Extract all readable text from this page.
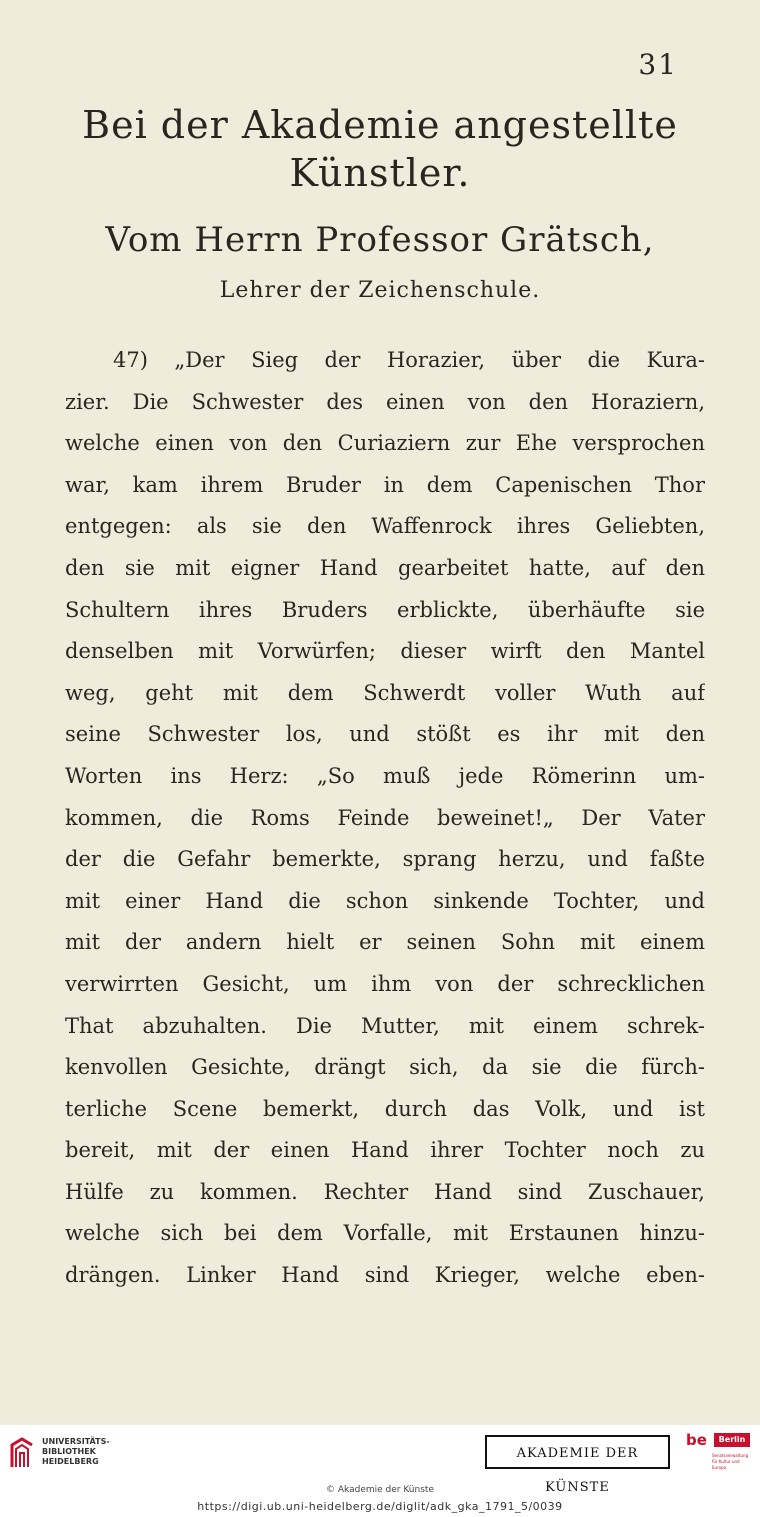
31
Bei der Akademie angestellte
Künstler.
Vom Herrn Professor Grätsch,
Lehrer der Zeichenschule.
47) „Der Sieg der Horazier, über die Kura-
zier. Die Schwester des einen von den Horaziern,
welche einen von den Curiaziern zur Ehe versprochen
war, kam ihrem Bruder in dem Capenischen Thor
entgegen: als sie den Waffenrock ihres Geliebten,
den sie mit eigner Hand gearbeitet hatte, auf den
Schultern ihres Bruders erblickte, überhäufte sie
denselben mit Vorwürfen; dieser wirft den Mantel
weg, geht mit dem Schwerdt voller Wuth auf
seine Schwester los, und stößt es ihr mit den
Worten ins Herz: „So muß jede Römerinn um-
kommen, die Roms Feinde beweinet!„ Der Vater
der die Gefahr bemerkte, sprang herzu, und faßte
mit einer Hand die schon sinkende Tochter, und
mit der andern hielt er seinen Sohn mit einem
verwirrten Gesicht, um ihm von der schrecklichen
That abzuhalten. Die Mutter, mit einem schrek-
kenvollen Gesichte, drängt sich, da sie die fürch-
terliche Scene bemerkt, durch das Volk, und ist
bereit, mit der einen Hand ihrer Tochter noch zu
Hülfe zu kommen. Rechter Hand sind Zuschauer,
welche sich bei dem Vorfalle, mit Erstaunen hinzu-
drängen. Linker Hand sind Krieger, welche eben-
UNIVERSITÄTS-
BIBLIOTHEK
HEIDELBERG
AKADEMIE DER KÜNSTE
be	Berlin
Senatsverwaltung für Kultur und Europa
© Akademie der Künste
https://digi.ub.uni-heidelberg.de/diglit/adk_gka_1791_5/0039
